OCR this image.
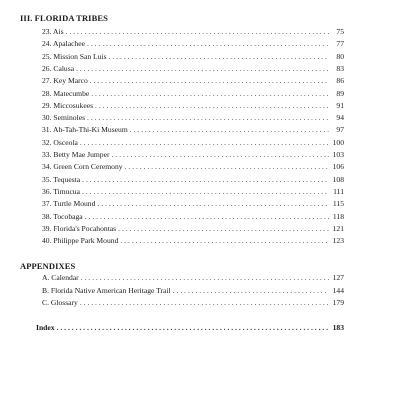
III. FLORIDA TRIBES
23. Ais . . .	75
24. Apalachee . . .	77
25. Mission San Luis . . .	80
26. Calusa . . .	83
27. Key Marco . . .	86
28. Matecumbe . . .	89
29. Miccosukees . . .	91
30. Seminoles . . .	94
31. Ah-Tah-Thi-Ki Museum . . .	97
32. Osceola . . .	100
33. Betty Mae Jumper . . .	103
34. Green Corn Ceremony . . .	106
35. Tequesta . . .	108
36. Timucua . . .	111
37. Turtle Mound . . .	115
38. Tocobaga . . .	118
39. Florida's Pocahontas . . .	121
40. Philippe Park Mound . . .	123
APPENDIXES
A. Calendar . . .	127
B. Florida Native American Heritage Trail . . .	144
C. Glossary . . .	179
Index . . .	183
